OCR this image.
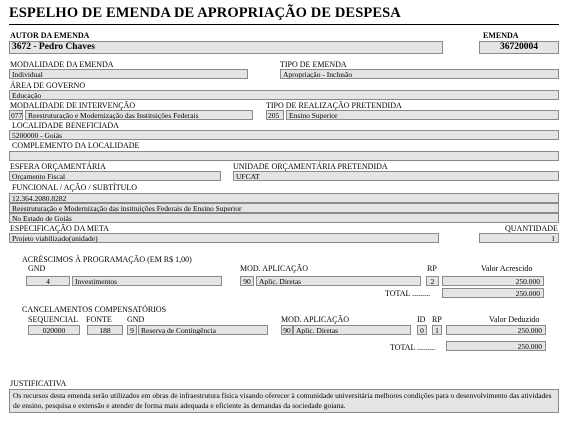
ESPELHO DE EMENDA DE APROPRIAÇÃO DE DESPESA
AUTOR DA EMENDA	EMENDA
3672 - Pedro Chaves	36720004
MODALIDADE DA EMENDA	TIPO DE EMENDA
Individual	Apropriação - Inclusão
ÁREA DE GOVERNO
Educação
MODALIDADE DE INTERVENÇÃO	TIPO DE REALIZAÇÃO PRETENDIDA
077 Reestruturação e Modernização das Instituições Federais	205	Ensino Superior
LOCALIDADE BENEFICIADA
5200000 - Goiás
COMPLEMENTO DA LOCALIDADE
ESFERA ORÇAMENTÁRIA	UNIDADE ORÇAMENTÁRIA PRETENDIDA
Orçamento Fiscal	UFCAT
FUNCIONAL / AÇÃO / SUBTÍTULO
12.364.2080.8282
Reestruturação e Modernização das instituições Federais de Ensino Superior
No Estado de Goiás
ESPECIFICAÇÃO DA META	QUANTIDADE
Projeto viabilizado(unidade)	1
ACRÉSCIMOS À PROGRAMAÇÃO (EM R$ 1,00)
GND	MOD. APLICAÇÃO	RP	Valor Acrescido
4	Investimentos	90	Aplic. Diretas	2	250.000
TOTAL .........	250.000
CANCELAMENTOS COMPENSATÓRIOS
SEQUENCIAL FONTE GND	MOD. APLICAÇÃO	ID RP	Valor Deduzido
020000	188	9 Reserva de Contingência	90 Aplic. Diretas	0	1	250.000
TOTAL .........	250.000
JUSTIFICATIVA
Os recursos desta emenda serão utilizados em obras de infraestrutura física visando oferecer à comunidade universitária melhores condições para o desenvolvimento das atividades de ensino, pesquisa e extensão e atender de forma mais adequada e eficiente às demandas da sociedade goiana.
